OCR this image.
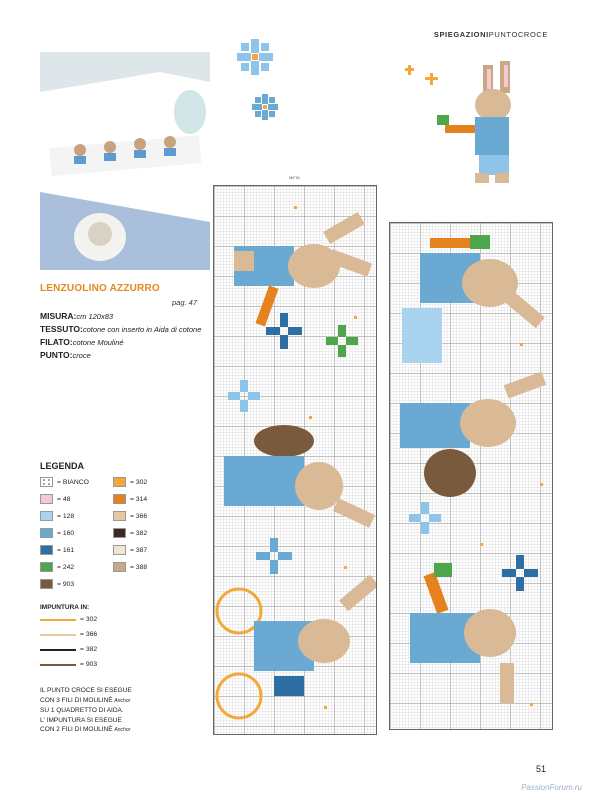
SPIEGAZIONIPUNTOCROCE
LENZUOLINO AZZURRO
pag. 47
MISURA:cm 120x83
TESSUTO:cotone con inserto in Aida di cotone
FILATO:cotone Mouliné
PUNTO:croce
LEGENDA
= BIANCO
= 48
= 128
= 160
= 161
= 242
= 903
= 302
= 314
= 366
= 382
= 387
= 388
IMPUNTURA IN:
= 302
= 366
= 382
= 903
IL PUNTO CROCE SI ESEGUE
CON 3 FILI DI MOULINÈ Anchor
SU 1 QUADRETTO DI AIDA.
L' IMPUNTURA SI ESEGUE
CON 2 FILI DI MOULINÈ Anchor
META
51
PassionForum.ru
